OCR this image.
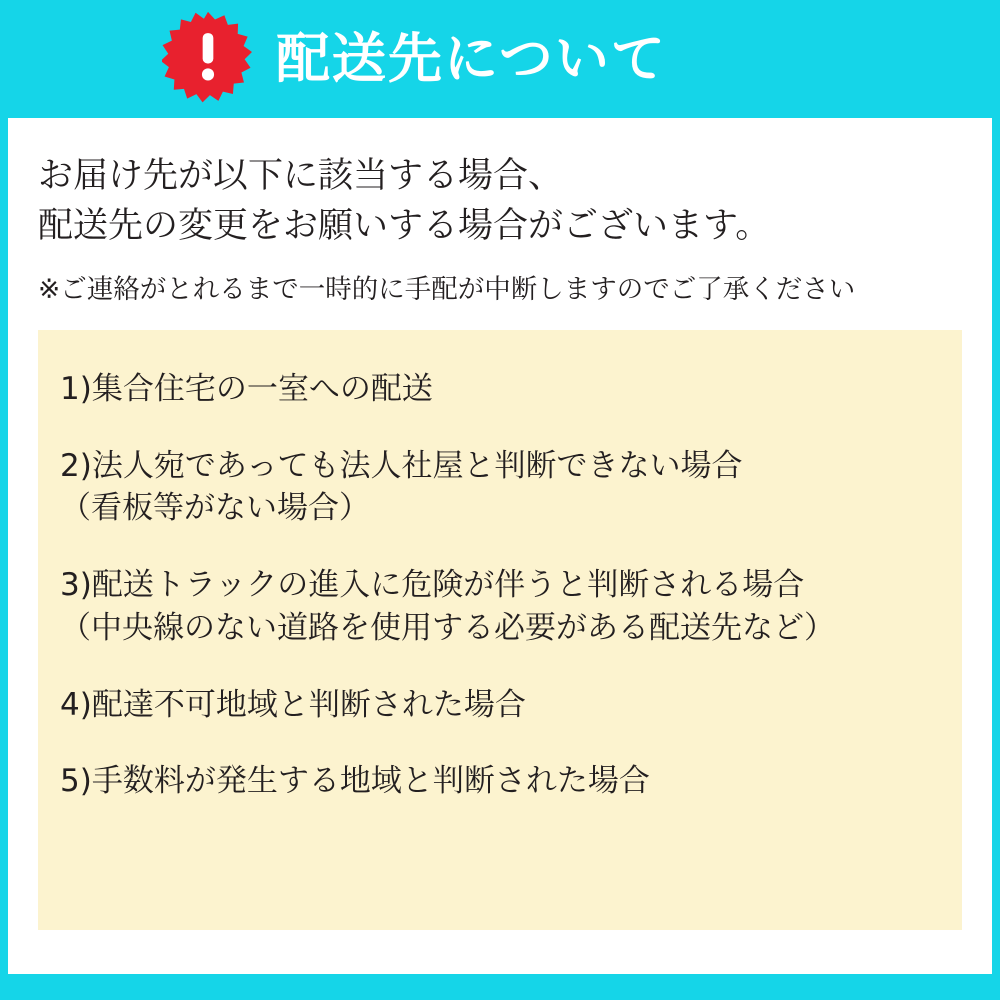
配送先について
お届け先が以下に該当する場合、
配送先の変更をお願いする場合がございます。
※ご連絡がとれるまで一時的に手配が中断しますのでご了承ください
1)集合住宅の一室への配送
2)法人宛であっても法人社屋と判断できない場合
（看板等がない場合）
3)配送トラックの進入に危険が伴うと判断される場合
（中央線のない道路を使用する必要がある配送先など）
4)配達不可地域と判断された場合
5)手数料が発生する地域と判断された場合
